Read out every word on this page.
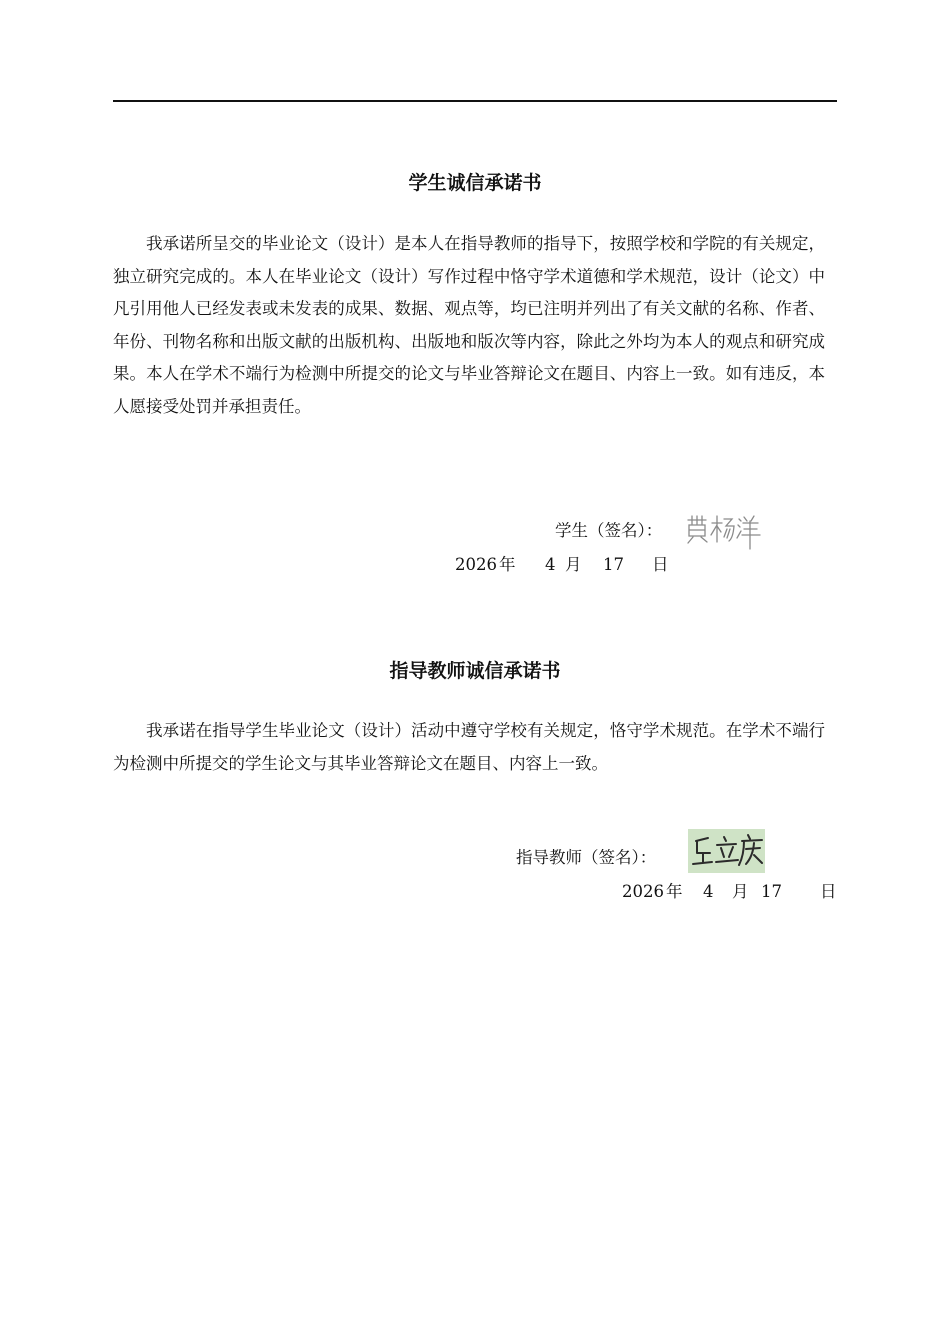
学生诚信承诺书

我承诺所呈交的毕业论文（设计）是本人在指导教师的指导下，按照学校和学院的有关规定，独立研究完成的。本人在毕业论文（设计）写作过程中恪守学术道德和学术规范，设计（论文）中凡引用他人已经发表或未发表的成果、数据、观点等，均已注明并列出了有关文献的名称、作者、年份、刊物名称和出版文献的出版机构、出版地和版次等内容，除此之外均为本人的观点和研究成果。本人在学术不端行为检测中所提交的论文与毕业答辩论文在题目、内容上一致。如有违反，本人愿接受处罚并承担责任。

学生（签名）：
2026 年 4 月 17 日
指导教师诚信承诺书

我承诺在指导学生毕业论文（设计）活动中遵守学校有关规定，恪守学术规范。在学术不端行为检测中所提交的学生论文与其毕业答辩论文在题目、内容上一致。

指导教师（签名）：
2026 年 4 月 17 日
